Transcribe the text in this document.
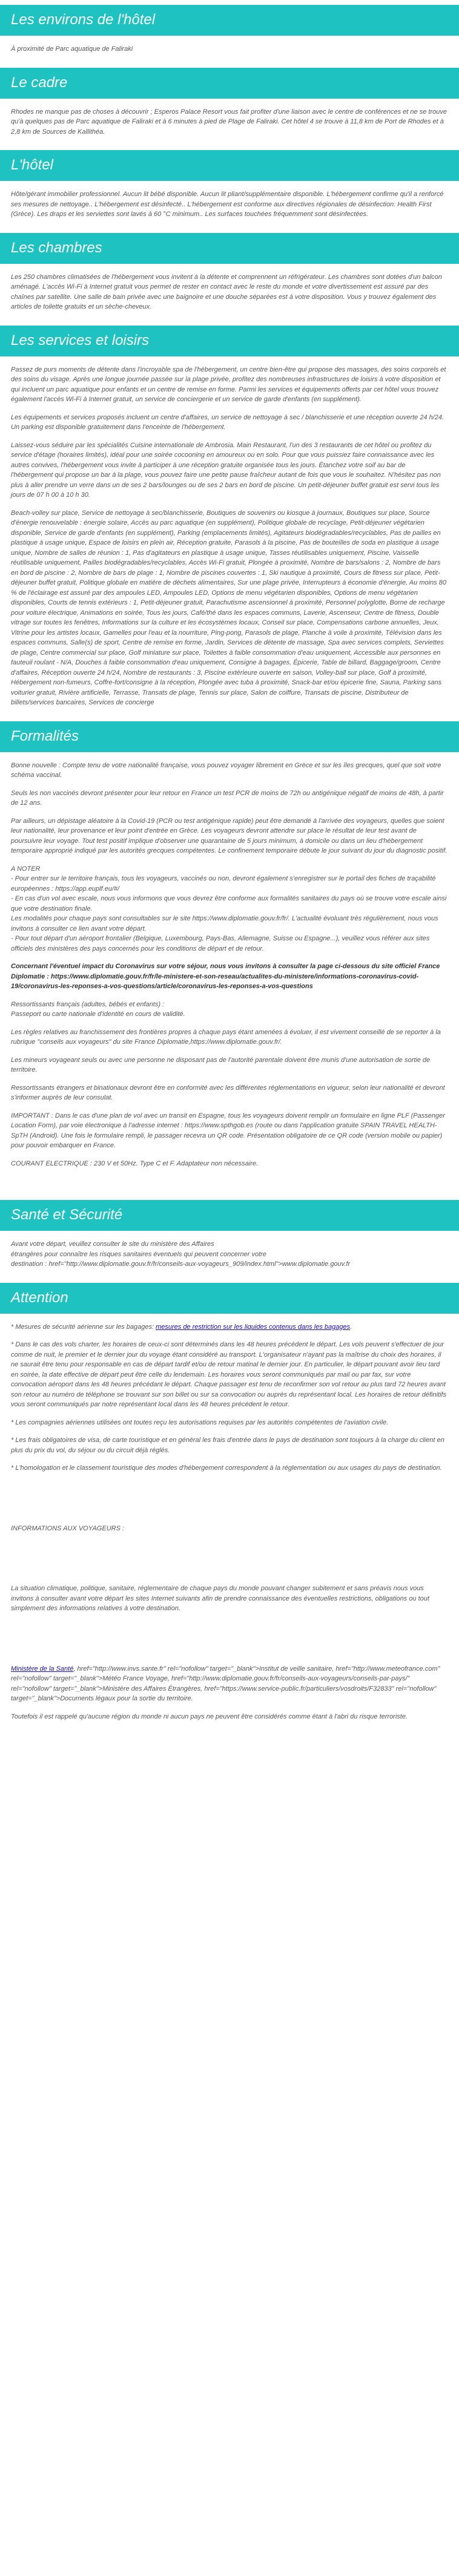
Les environs de l'hôtel

À proximité de Parc aquatique de Faliraki

Le cadre

Rhodes ne manque pas de choses à découvrir ; Esperos Palace Resort vous fait profiter d'une liaison avec le centre de conférences et ne se trouve qu'à quelques pas de Parc aquatique de Faliraki et à 6 minutes à pied de Plage de Faliraki. Cet hôtel 4 se trouve à 11,8 km de Port de Rhodes et à 2,8 km de Sources de Kallithéa.

L'hôtel

Hôte/gérant immobilier professionnel. Aucun lit bébé disponible. Aucun lit pliant/supplémentaire disponible. L'hébergement confirme qu'il a renforcé ses mesures de nettoyage.. L'hébergement est désinfecté.. L'hébergement est conforme aux directives régionales de désinfection: Health First (Grèce). Les draps et les serviettes sont lavés à 60 °C minimum.. Les surfaces touchées fréquemment sont désinfectées.

Les chambres

Les 250 chambres climatisées de l'hébergement vous invitent à la détente et comprennent un réfrigérateur. Les chambres sont dotées d'un balcon aménagé. L'accès Wi-Fi à Internet gratuit vous permet de rester en contact avec le reste du monde et votre divertissement est assuré par des chaînes par satellite. Une salle de bain privée avec une baignoire et une douche séparées est à votre disposition. Vous y trouvez également des articles de toilette gratuits et un sèche-cheveux.

Les services et loisirs

Passez de purs moments de détente dans l'incroyable spa de l'hébergement, un centre bien-être qui propose des massages, des soins corporels et des soins du visage. Après une longue journée passée sur la plage privée, profitez des nombreuses infrastructures de loisirs à votre disposition et qui incluent un parc aquatique pour enfants et un centre de remise en forme. Parmi les services et équipements offerts par cet hôtel vous trouvez également l'accès Wi-Fi à Internet gratuit, un service de conciergerie et un service de garde d'enfants (en supplément).

Les équipements et services proposés incluent un centre d'affaires, un service de nettoyage à sec / blanchisserie et une réception ouverte 24 h/24. Un parking est disponible gratuitement dans l'enceinte de l'hébergement.

Laissez-vous séduire par les spécialités Cuisine internationale de Ambrosia. Main Restaurant, l'un des 3 restaurants de cet hôtel ou profitez du service d'étage (horaires limités), idéal pour une soirée cocooning en amoureux ou en solo. Pour que vous puissiez faire connaissance avec les autres convives, l'hébergement vous invite à participer à une réception gratuite organisée tous les jours. Étanchez votre soif au bar de l'hébergement qui propose un bar à la plage, vous pouvez faire une petite pause fraîcheur autant de fois que vous le souhaitez. N'hésitez pas non plus à aller prendre un verre dans un de ses 2 bars/lounges ou de ses 2 bars en bord de piscine. Un petit-déjeuner buffet gratuit est servi tous les jours de 07 h 00 à 10 h 30.

Beach-volley sur place, Service de nettoyage à sec/blanchisserie, Boutiques de souvenirs ou kiosque à journaux, Boutiques sur place, Source d'énergie renouvelable : énergie solaire, Accès au parc aquatique (en supplément), Politique globale de recyclage, Petit-déjeuner végétarien disponible, Service de garde d'enfants (en supplément), Parking (emplacements limités), Agitateurs biodégradables/recyclables, Pas de pailles en plastique à usage unique, Espace de loisirs en plein air, Réception gratuite, Parasols à la piscine, Pas de bouteilles de soda en plastique à usage unique, Nombre de salles de réunion : 1, Pas d'agitateurs en plastique à usage unique, Tasses réutilisables uniquement, Piscine, Vaisselle réutilisable uniquement, Pailles biodégradables/recyclables, Accès Wi-Fi gratuit, Plongée à proximité, Nombre de bars/salons : 2, Nombre de bars en bord de piscine : 2, Nombre de bars de plage : 1, Nombre de piscines couvertes : 1, Ski nautique à proximité, Cours de fitness sur place, Petit-déjeuner buffet gratuit, Politique globale en matière de déchets alimentaires, Sur une plage privée, Interrupteurs à économie d'énergie, Au moins 80 % de l'éclairage est assuré par des ampoules LED, Ampoules LED, Options de menu végétarien disponibles, Options de menu végétarien disponibles, Courts de tennis extérieurs : 1, Petit-déjeuner gratuit, Parachutisme ascensionnel à proximité, Personnel polyglotte, Borne de recharge pour voiture électrique, Animations en soirée, Tous les jours, Café/thé dans les espaces communs, Laverie, Ascenseur, Centre de fitness, Double vitrage sur toutes les fenêtres, Informations sur la culture et les écosystèmes locaux, Conseil sur place, Compensations carbone annuelles, Jeux, Vitrine pour les artistes locaux, Gamelles pour l'eau et la nourriture, Ping-pong, Parasols de plage, Planche à voile à proximité, Télévision dans les espaces communs, Salle(s) de sport, Centre de remise en forme, Jardin, Services de détente de massage, Spa avec services complets, Serviettes de plage, Centre commercial sur place, Golf miniature sur place, Toilettes à faible consommation d'eau uniquement, Accessible aux personnes en fauteuil roulant - N/A, Douches à faible consommation d'eau uniquement, Consigne à bagages, Épicerie, Table de billard, Baggage/groom, Centre d'affaires, Réception ouverte 24 h/24, Nombre de restaurants : 3, Piscine extérieure ouverte en saison, Volley-ball sur place, Golf à proximité, Hébergement non-fumeurs, Coffre-fort/consigne à la réception, Plongée avec tuba à proximité, Snack-bar et/ou épicerie fine, Sauna, Parking sans voiturier gratuit, Rivière artificielle, Terrasse, Transats de plage, Tennis sur place, Salon de coiffure, Transats de piscine, Distributeur de billets/services bancaires, Services de concierge

Formalités

Bonne nouvelle : Compte tenu de votre nationalité française, vous pouvez voyager librement en Grèce et sur les îles grecques, quel que soit votre schéma vaccinal.

Seuls les non vaccinés devront présenter pour leur retour en France un test PCR de moins de 72h ou antigénique négatif de moins de 48h, à partir de 12 ans.

Par ailleurs, un dépistage aléatoire à la Covid-19 (PCR ou test antigénique rapide) peut être demandé à l'arrivée des voyageurs, quelles que soient leur nationalité, leur provenance et leur point d'entrée en Grèce. Les voyageurs devront attendre sur place le résultat de leur test avant de poursuivre leur voyage. Tout test positif implique d'observer une quarantaine de 5 jours minimum, à domicile ou dans un lieu d'hébergement temporaire approprié indiqué par les autorités grecques compétentes. Le confinement temporaire débute le jour suivant du jour du diagnostic positif.

A NOTER
- Pour entrer sur le territoire français, tous les voyageurs, vaccinés ou non, devront également s'enregistrer sur le portail des fiches de traçabilité européennes : https://app.euplf.eu/#/
- En cas d'un vol avec escale, nous vous informons que vous devrez être conforme aux formalités sanitaires du pays où se trouve votre escale ainsi que votre destination finale.
Les modalités pour chaque pays sont consultables sur le site https://www.diplomatie.gouv.fr/fr/. L'actualité évoluant très régulièrement, nous vous invitons à consulter ce lien avant votre départ.
- Pour tout départ d'un aéroport frontalier (Belgique, Luxembourg, Pays-Bas, Allemagne, Suisse ou Espagne...), veuillez vous référer aux sites officiels des ministères des pays concernés pour les conditions de départ et de retour.

Concernant l'éventuel impact du Coronavirus sur votre séjour, nous vous invitons à consulter la page ci-dessous du site officiel France Diplomatie : https://www.diplomatie.gouv.fr/fr/le-ministere-et-son-reseau/actualites-du-ministere/informations-coronavirus-covid-19/coronavirus-les-reponses-a-vos-questions/article/coronavirus-les-reponses-a-vos-questions

Ressortissants français (adultes, bébés et enfants) :
Passeport ou carte nationale d'identité en cours de validité.

Les règles relatives au franchissement des frontières propres à chaque pays étant amenées à évoluer, il est vivement conseillé de se reporter à la rubrique "conseils aux voyageurs" du site France Diplomatie,https://www.diplomatie.gouv.fr/.

Les mineurs voyageant seuls ou avec une personne ne disposant pas de l'autorité parentale doivent être munis d'une autorisation de sortie de territoire.

Ressortissants étrangers et binationaux devront être en conformité avec les différentes réglementations en vigueur, selon leur nationalité et devront s'informer auprès de leur consulat.

IMPORTANT : Dans le cas d'une plan de vol avec un transit en Espagne, tous les voyageurs doivent remplir un formulaire en ligne PLF (Passenger Location Form), par voie électronique à l'adresse internet : https://www.spthgob.es (route ou dans l'application gratuite SPAIN TRAVEL HEALTH-SpTH (Android). Une fois le formulaire rempli, le passager recevra un QR code. Présentation obligatoire de ce QR code (version mobile ou papier) pour pouvoir embarquer en France.

COURANT ELECTRIQUE : 230 V et 50Hz. Type C et F. Adaptateur non nécessaire.

Santé et Sécurité

Avant votre départ, veuillez consulter le site du ministère des Affaires
étrangères pour connaître les risques sanitaires éventuels qui peuvent concerner votre
destination : href="http://www.diplomatie.gouv.fr/fr/conseils-aux-voyageurs_909/index.html">www.diplomatie.gouv.fr

Attention

* Mesures de sécurité aérienne sur les bagages: mesures de restriction sur les liquides contenus dans les bagages.

* Dans le cas des vols charter, les horaires de ceux-ci sont déterminés dans les 48 heures précédent le départ. Les vols peuvent s'effectuer de jour comme de nuit, le premier et le dernier jour du voyage étant considéré au transport. L'organisateur n'ayant pas la maîtrise du choix des horaires, il ne saurait être tenu pour responsable en cas de départ tardif et/ou de retour matinal le dernier jour. En particulier, le départ pouvant avoir lieu tard en soirée, la date effective de départ peut être celle du lendemain. Les horaires vous seront communiqués par mail ou par fax, sur votre convocation aéroport dans les 48 heures précédant le départ. Chaque passager est tenu de reconfirmer son vol retour au plus tard 72 heures avant son retour au numéro de téléphone se trouvant sur son billet ou sur sa convocation ou auprès du représentant local. Les horaires de retour définitifs vous seront communiqués par notre représentant local dans les 48 heures précédent le retour.

* Les compagnies aériennes utilisées ont toutes reçu les autorisations requises par les autorités compétentes de l'aviation civile.

* Les frais obligatoires de visa, de carte touristique et en général les frais d'entrée dans le pays de destination sont toujours à la charge du client en plus du prix du vol, du séjour ou du circuit déjà réglés.

* L'homologation et le classement touristique des modes d'hébergement correspondent à la réglementation ou aux usages du pays de destination.

INFORMATIONS AUX VOYAGEURS :

La situation climatique, politique, sanitaire, réglementaire de chaque pays du monde pouvant changer subitement et sans préavis nous vous invitons à consulter avant votre départ les sites Internet suivants afin de prendre connaissance des éventuelles restrictions, obligations ou tout simplement des informations relatives à votre destination.

Ministère de la Santé, href="http://www.invs.sante.fr" rel="nofollow" target="_blank">Institut de veille sanitaire, href="http://www.meteofrance.com" rel="nofollow" target="_blank">Météo France Voyage, href="http://www.diplomatie.gouv.fr/fr/conseils-aux-voyageurs/conseils-par-pays/" rel="nofollow" target="_blank">Ministère des Affaires Étrangères, href="https://www.service-public.fr/particuliers/vosdroits/F32833" rel="nofollow" target="_blank">Documents légaux pour la sortie du territoire.

Toutefois il est rappelé qu'aucune région du monde ni aucun pays ne peuvent être considérés comme étant à l'abri du risque terroriste.
